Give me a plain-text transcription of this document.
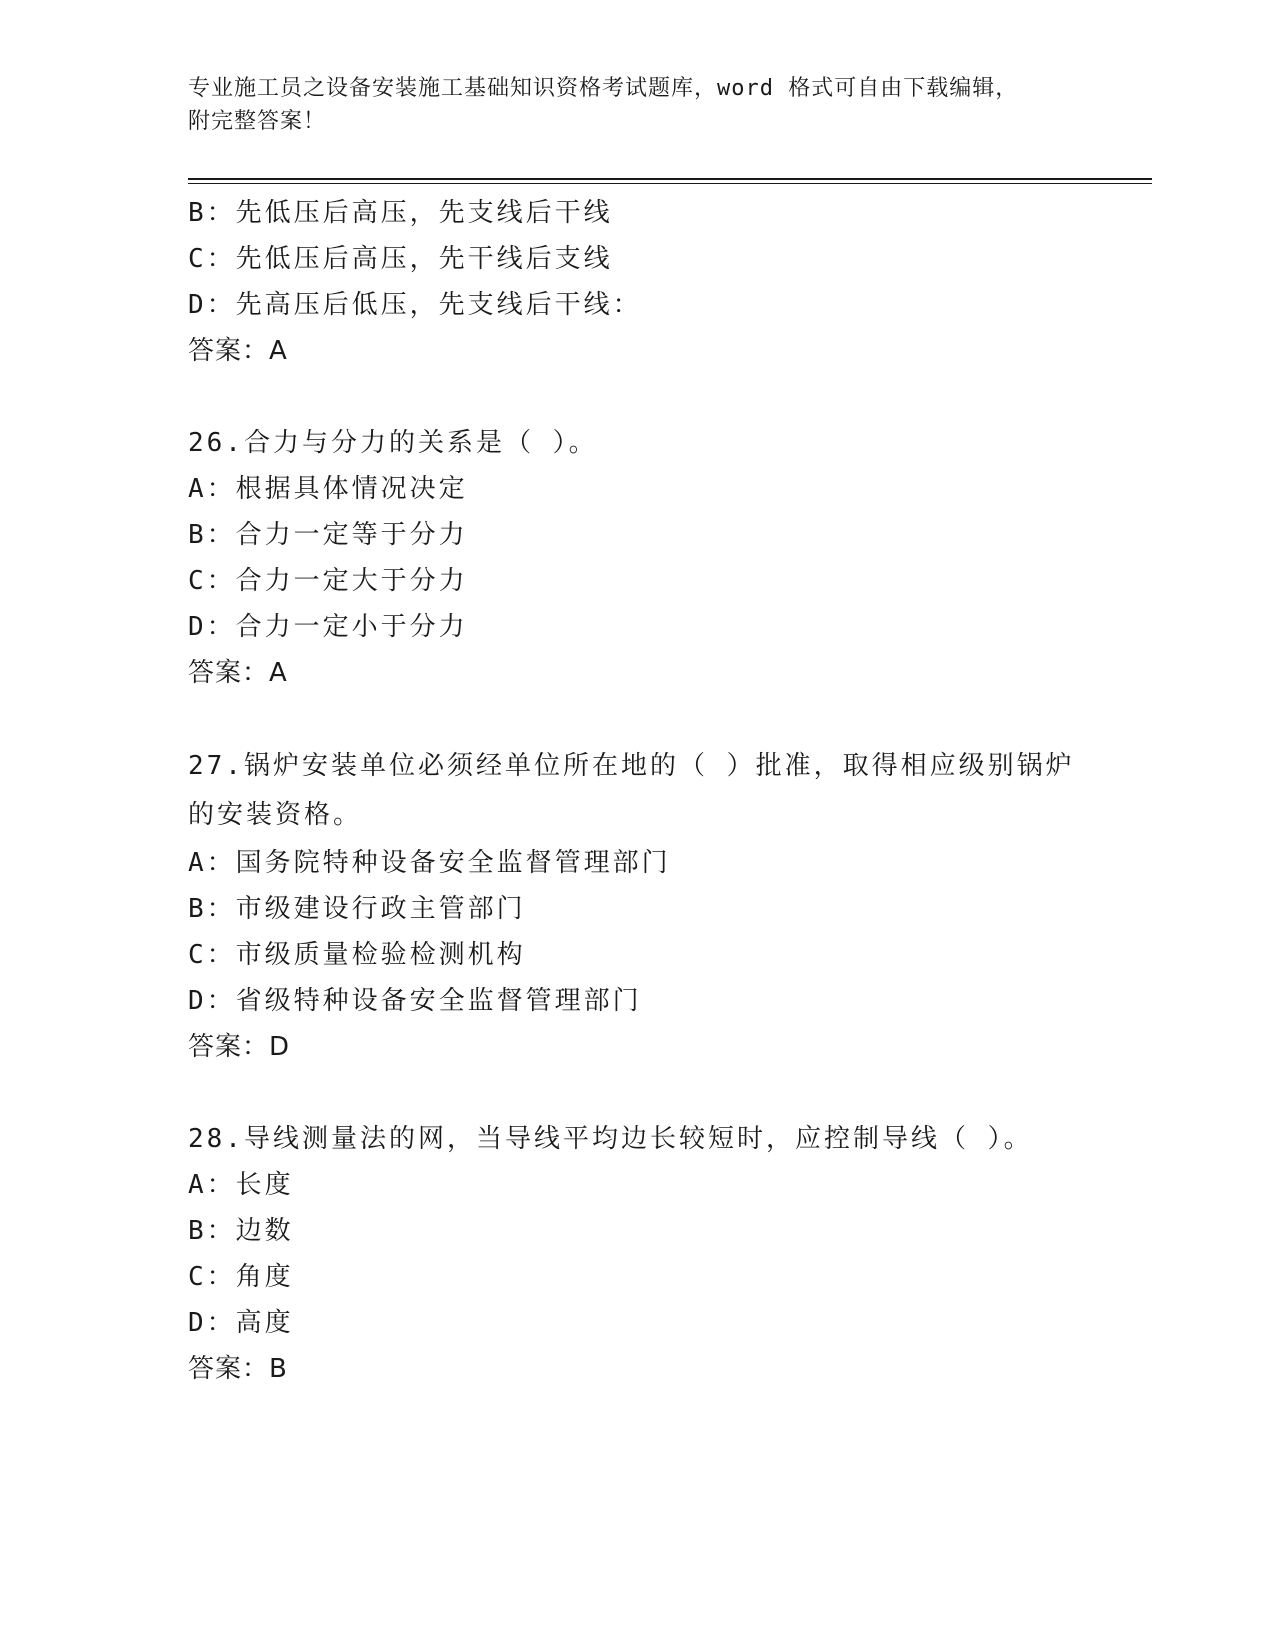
专业施工员之设备安装施工基础知识资格考试题库，word 格式可自由下载编辑，
附完整答案！
B：先低压后高压，先支线后干线
C：先低压后高压，先干线后支线
D：先高压后低压，先支线后干线：
答案：A
26.合力与分力的关系是（ ）。
A：根据具体情况决定
B：合力一定等于分力
C：合力一定大于分力
D：合力一定小于分力
答案：A
27.锅炉安装单位必须经单位所在地的（ ）批准，取得相应级别锅炉的安装资格。
A：国务院特种设备安全监督管理部门
B：市级建设行政主管部门
C：市级质量检验检测机构
D：省级特种设备安全监督管理部门
答案：D
28.导线测量法的网，当导线平均边长较短时，应控制导线（ ）。
A：长度
B：边数
C：角度
D：高度
答案：B
